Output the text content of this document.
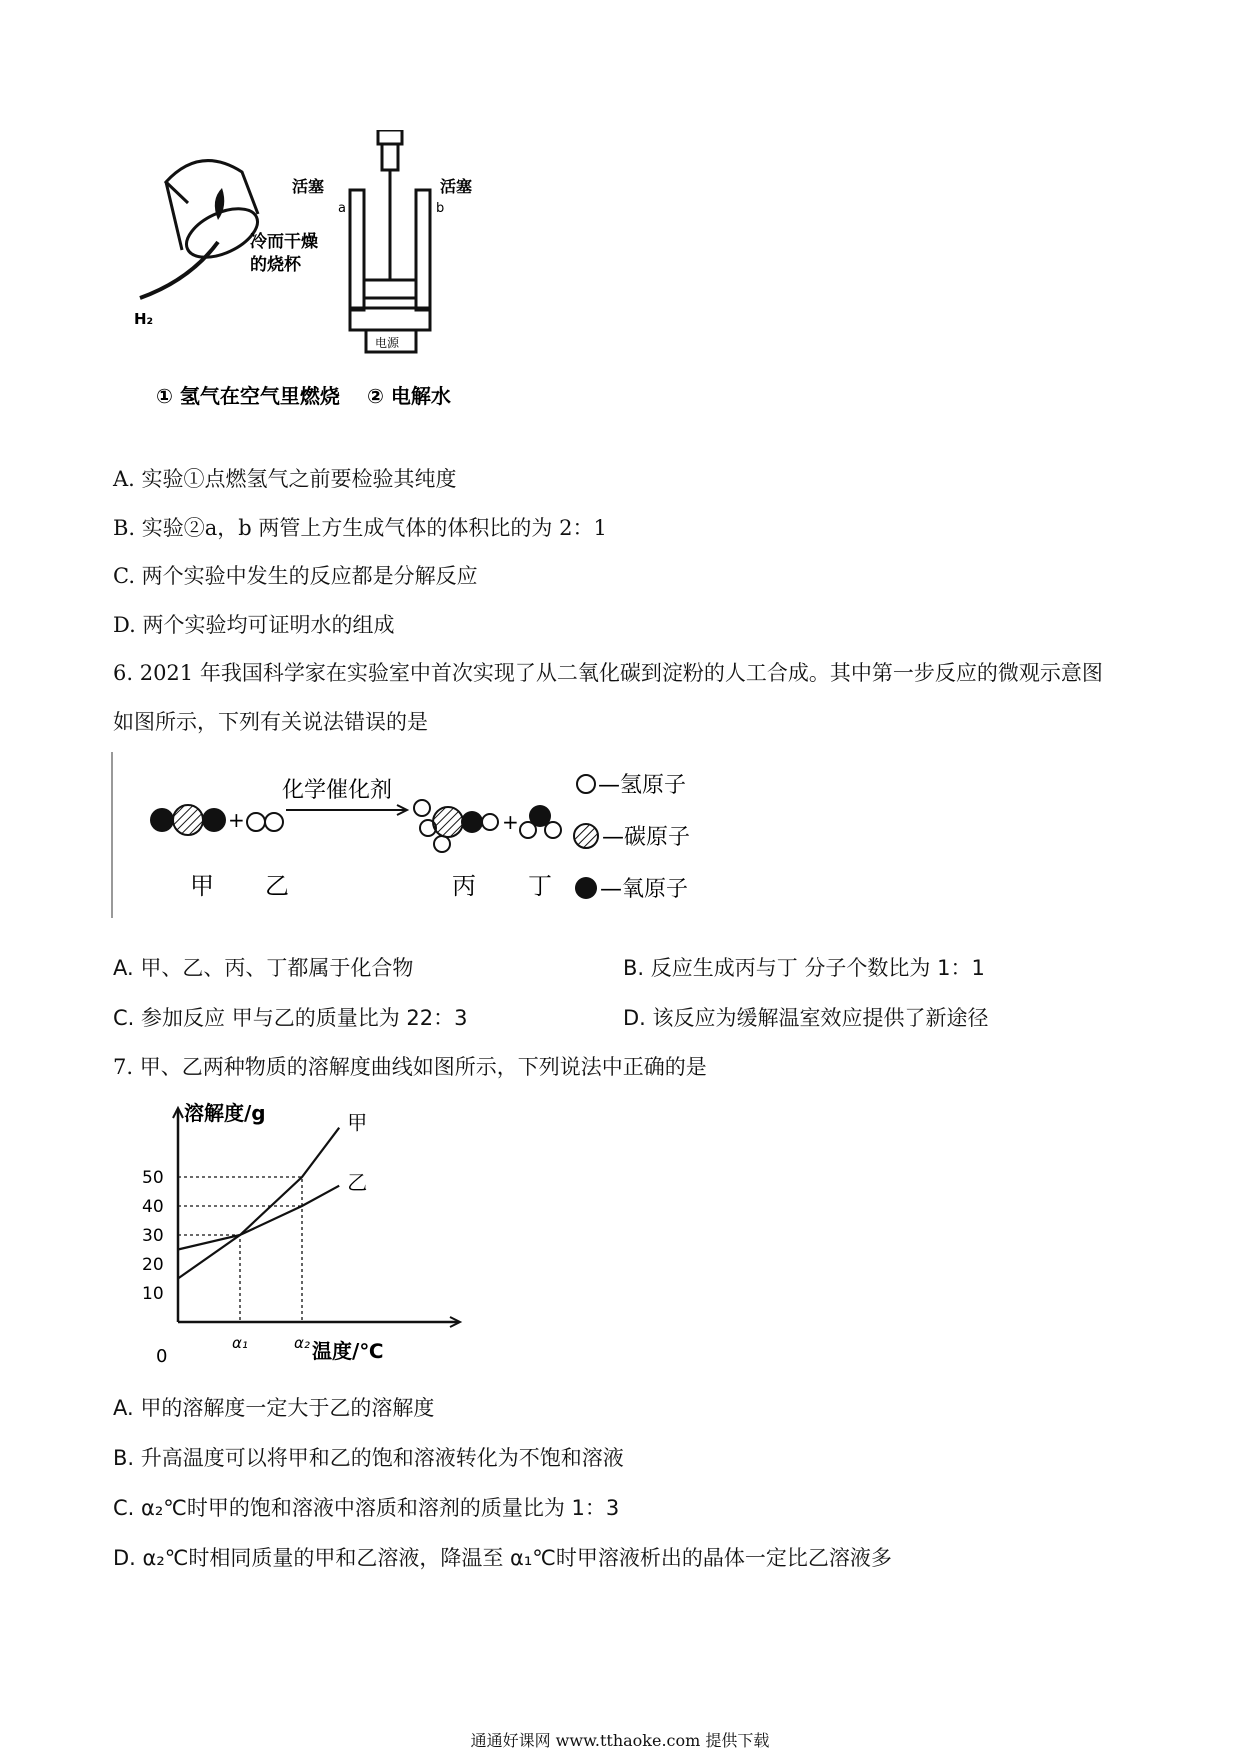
冷而干燥
的烧杯
H₂
活塞	活塞
a	b
电源
① 氢气在空气里燃烧 ② 电解水
A. 实验①点燃氢气之前要检验其纯度
B. 实验②a，b 两管上方生成气体的体积比的为 2：1
C. 两个实验中发生的反应都是分解反应
D. 两个实验均可证明水的组成
6. 2021 年我国科学家在实验室中首次实现了从二氧化碳到淀粉的人工合成。其中第一步反应的微观示意图
如图所示，下列有关说法错误的是
+
化学催化剂
+
甲 乙	丙 丁
—氢原子
—碳原子
—氧原子
A. 甲、乙、丙、丁都属于化合物	B. 反应生成丙与丁 分子个数比为 1：1
C. 参加反应 甲与乙的质量比为 22：3	D. 该反应为缓解温室效应提供了新途径
7. 甲、乙两种物质的溶解度曲线如图所示，下列说法中正确的是
溶解度/g
温度/℃
0
10
20
30
40
50
α₁	α₂
甲
乙
A. 甲的溶解度一定大于乙的溶解度
B. 升高温度可以将甲和乙的饱和溶液转化为不饱和溶液
C. α₂℃时甲的饱和溶液中溶质和溶剂的质量比为 1：3
D. α₂℃时相同质量的甲和乙溶液，降温至 α₁℃时甲溶液析出的晶体一定比乙溶液多
通通好课网 www.tthaoke.com 提供下载
